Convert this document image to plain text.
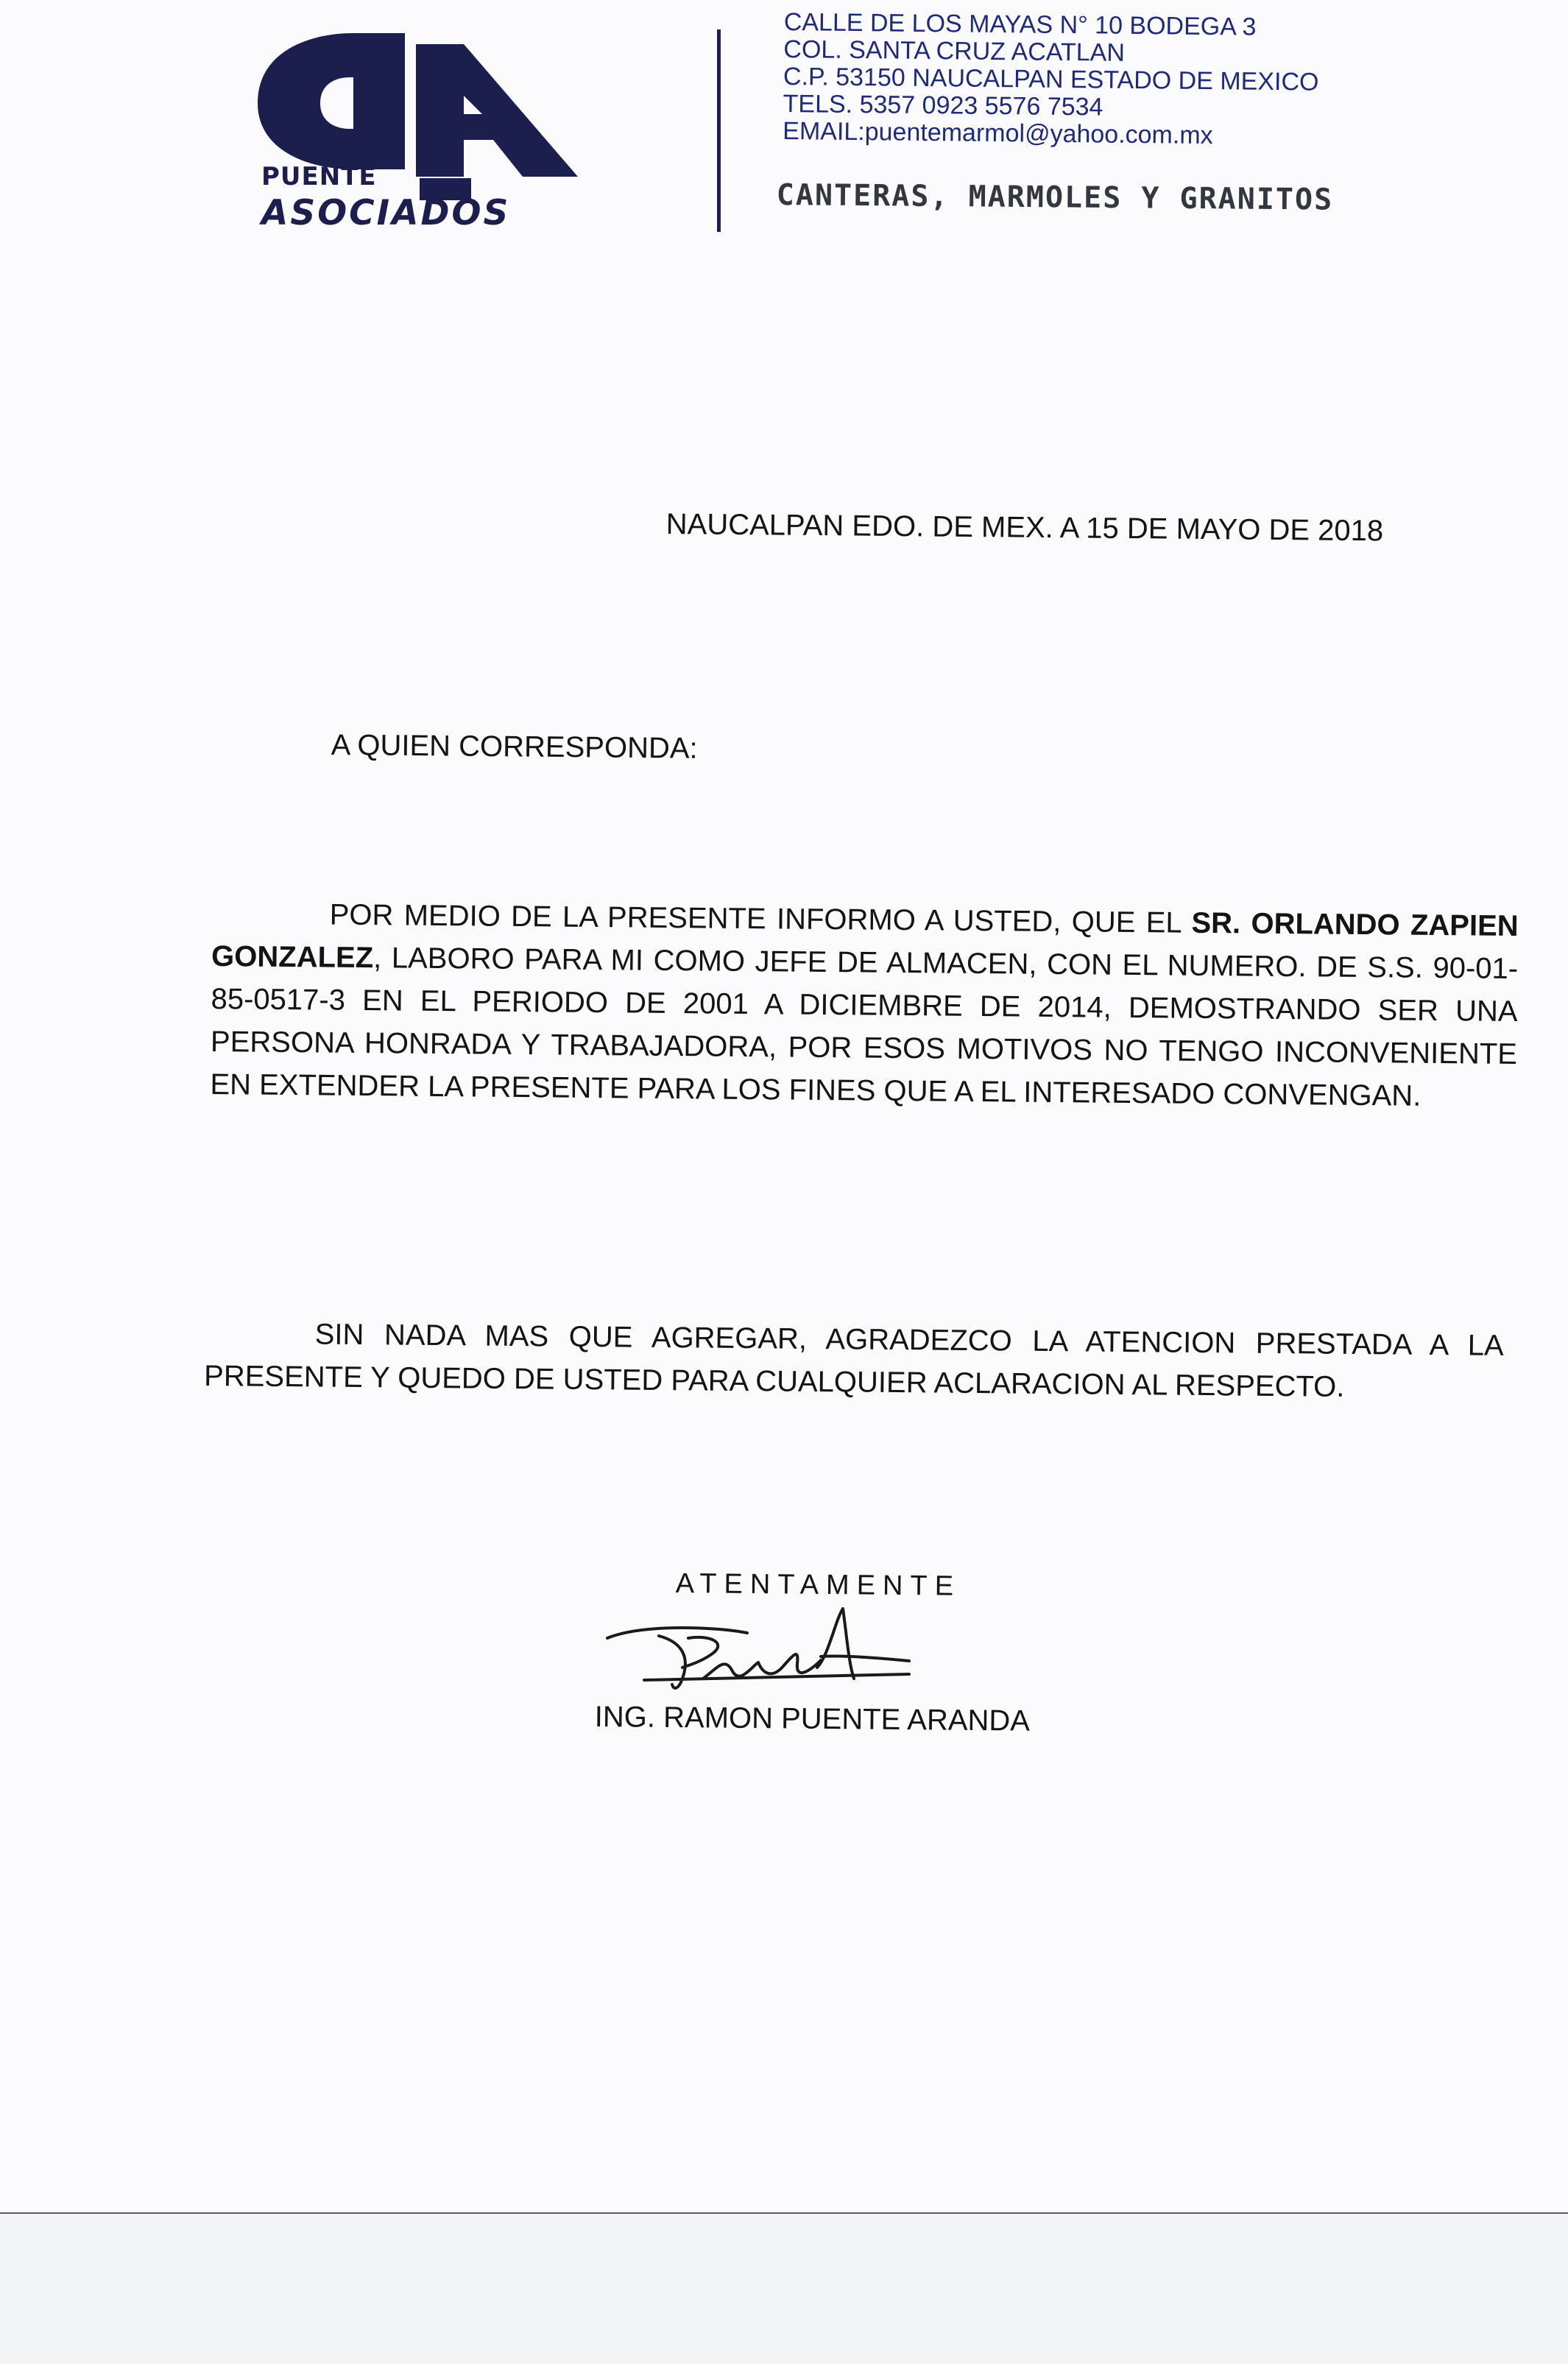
PUENTE
ASOCIADOS
CALLE DE LOS MAYAS N° 10 BODEGA 3
COL. SANTA CRUZ ACATLAN
C.P. 53150 NAUCALPAN ESTADO DE MEXICO
TELS. 5357 0923 5576 7534
EMAIL:puentemarmol@yahoo.com.mx
CANTERAS, MARMOLES Y GRANITOS
NAUCALPAN EDO. DE MEX. A 15 DE MAYO DE 2018
A QUIEN CORRESPONDA:
POR MEDIO DE LA PRESENTE INFORMO A USTED, QUE EL SR. ORLANDO ZAPIEN GONZALEZ, LABORO PARA MI COMO JEFE DE ALMACEN, CON EL NUMERO. DE S.S. 90-01-85-0517-3 EN EL PERIODO DE 2001 A DICIEMBRE DE 2014, DEMOSTRANDO SER UNA PERSONA HONRADA Y TRABAJADORA, POR ESOS MOTIVOS NO TENGO INCONVENIENTE EN EXTENDER LA PRESENTE PARA LOS FINES QUE A EL INTERESADO CONVENGAN.
SIN NADA MAS QUE AGREGAR, AGRADEZCO LA ATENCION PRESTADA A LA PRESENTE Y QUEDO DE USTED PARA CUALQUIER ACLARACION AL RESPECTO.
ATENTAMENTE
ING. RAMON PUENTE ARANDA
